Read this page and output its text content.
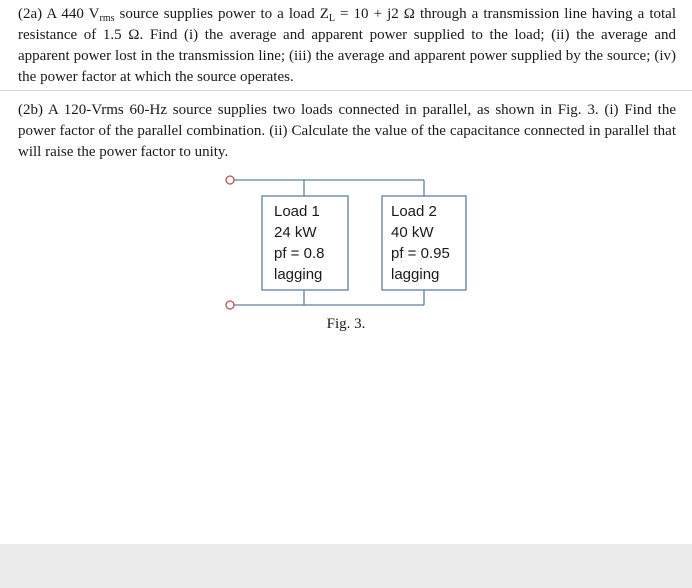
(2a) A 440 $V_{rms}$ source supplies power to a load $Z_L = 10 + j2$ Ω through a transmission line having a total resistance of 1.5 Ω. Find (i) the average and apparent power supplied to the load; (ii) the average and apparent power lost in the transmission line; (iii) the average and apparent power supplied by the source; (iv) the power factor at which the source operates.

(2b) A 120-Vrms 60-Hz source supplies two loads connected in parallel, as shown in Fig. 3. (i) Find the power factor of the parallel combination. (ii) Calculate the value of the capacitance connected in parallel that will raise the power factor to unity.

Load 1
24 kW
pf = 0.8
lagging
Load 2
40 kW
pf = 0.95
lagging
Fig. 3.
